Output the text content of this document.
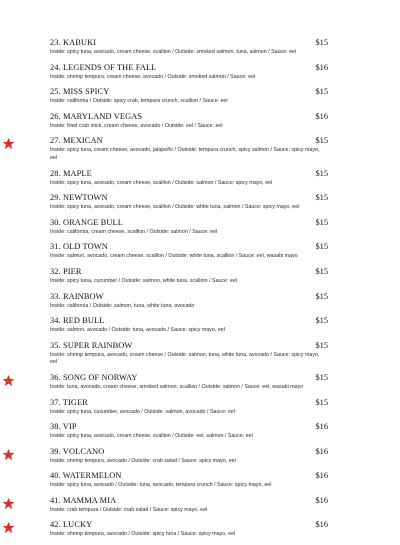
23. KABUKI	$15
Inside: spicy tuna, avocado, cream cheese, scallion / Outside: smoked salmon, tuna, salmon / Sauce: eel
24. LEGENDS OF THE FALL	$16
Inside: shrimp tempura, cream cheese, avocado / Outside: smoked salmon / Sauce: eel
25. MISS SPICY	$15
Inside: california / Outside: spicy crab, tempura crunch, scallion / Sauce: eel
26. MARYLAND VEGAS	$16
Inside: fried crab stick, cream cheese, avocado / Outside: eel / Sauce: eel
27. MEXICAN	$15
Inside: spicy tuna, cream cheese, avocado, jalapeño / Outside: tempura crunch, spicy salmon / Sauce: spicy mayo, eel
28. MAPLE	$15
Inside: spicy tuna, avocado, cream cheese, scallion / Outside: salmon / Sauce: spicy mayo, eel
29. NEWTOWN	$15
Inside: spicy tuna, avocado, cream cheese, scallion / Outside: white tuna, salmon / Sauce: spicy mayo, eel
30. ORANGE BULL	$15
Inside: california, cream cheese, scallion / Outside: salmon / Sauce: eel
31. OLD TOWN	$15
Inside: salmon, avocado, cream cheese, scallion / Outside: white tuna, scallion / Sauce: eel, wasabi mayo
32. PIER	$15
Inside: spicy tuna, cucumber / Outside: salmon, white tuna, scallion / Sauce: eel
33. RAINBOW	$15
Inside: california / Outside: salmon, tuna, white tuna, avocado
34. RED BULL	$15
Inside: salmon, avocado / Outside: tuna, avocado / Sauce: spicy mayo, eel
35. SUPER RAINBOW	$15
Inside: shrimp tempura, avocado, cream cheese / Outside: salmon, tuna, white tuna, avocado / Sauce: spicy mayo, eel
36. SONG OF NORWAY	$15
Inside: tuna, avocado, cream cheese, smoked salmon, scallion / Outside: salmon / Sauce: eel, wasabi mayo
37. TIGER	$15
Inside: spicy tuna, cucumber, avocado / Outside: salmon, avocado / Sauce: eel
38. VIP	$16
Inside: spicy tuna, avocado, cream cheese, scallion / Outside: eel, salmon / Sauce: eel
39. VOLCANO	$16
Inside: shrimp tempura, avocado / Outside: crab salad / Sauce: spicy mayo, eel
40. WATERMELON	$16
Inside: spicy tuna, avocado / Outside: tuna, avocado, tempura crunch / Sauce: spicy mayo, eel
41. MAMMA MIA	$16
Inside: crab tempura / Outside: crab salad / Sauce: spicy mayo, eel
42. LUCKY	$16
Inside: shrimp tempura, avocado / Outside: spicy tuna / Sauce: spicy mayo, eel
